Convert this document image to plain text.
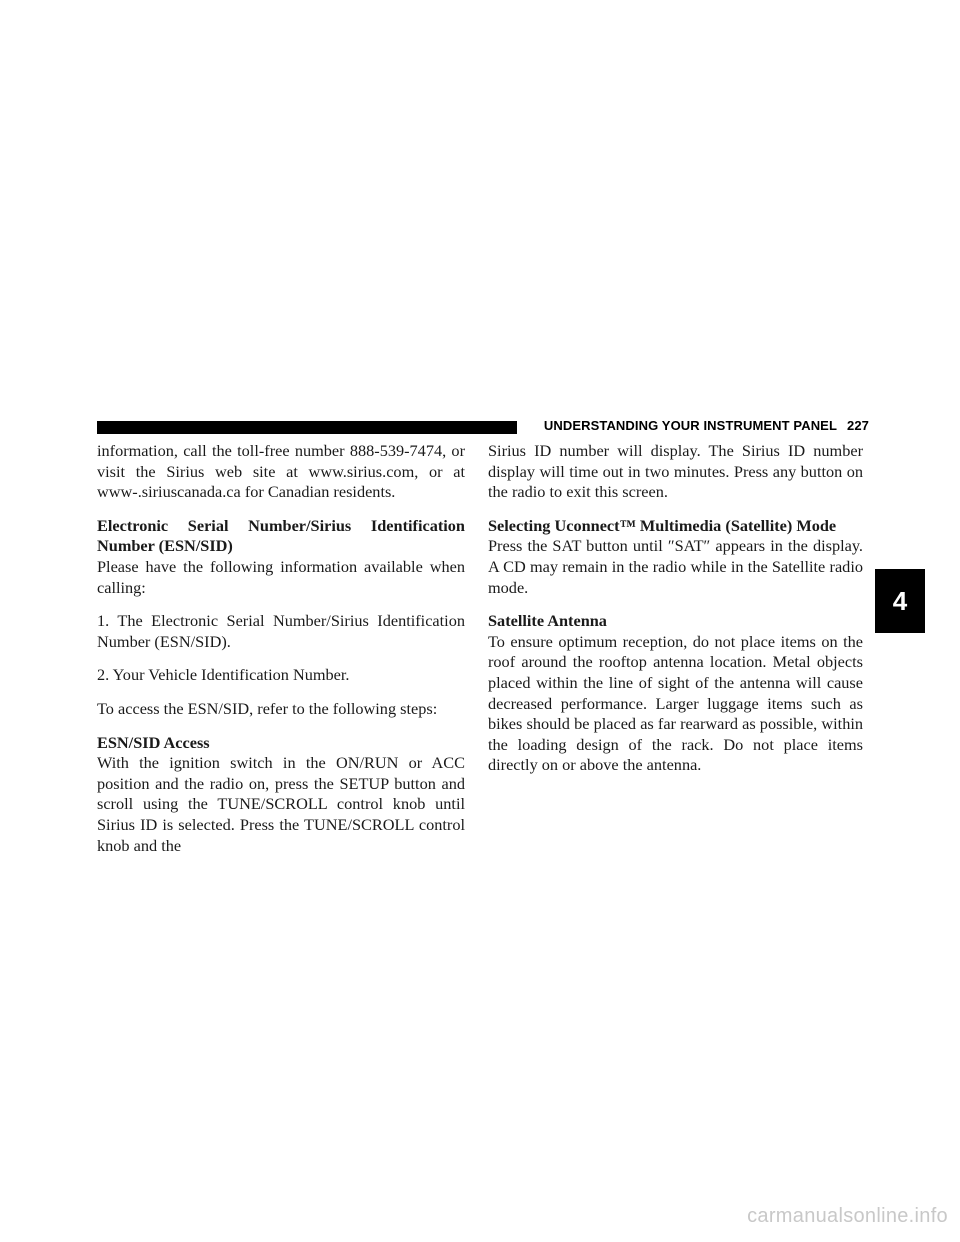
UNDERSTANDING YOUR INSTRUMENT PANEL 227

information, call the toll-free number 888-539-7474, or visit the Sirius web site at www.sirius.com, or at www-.siriuscanada.ca for Canadian residents.

Electronic Serial Number/Sirius Identification Number (ESN/SID)

Please have the following information available when calling:

1. The Electronic Serial Number/Sirius Identification Number (ESN/SID).

2. Your Vehicle Identification Number.

To access the ESN/SID, refer to the following steps:

ESN/SID Access

With the ignition switch in the ON/RUN or ACC position and the radio on, press the SETUP button and scroll using the TUNE/SCROLL control knob until Sirius ID is selected. Press the TUNE/SCROLL control knob and the

Sirius ID number will display. The Sirius ID number display will time out in two minutes. Press any button on the radio to exit this screen.

Selecting Uconnect™ Multimedia (Satellite) Mode

Press the SAT button until ″SAT″ appears in the display. A CD may remain in the radio while in the Satellite radio mode.

Satellite Antenna

To ensure optimum reception, do not place items on the roof around the rooftop antenna location. Metal objects placed within the line of sight of the antenna will cause decreased performance. Larger luggage items such as bikes should be placed as far rearward as possible, within the loading design of the rack. Do not place items directly on or above the antenna.

4
carmanualsonline.info
